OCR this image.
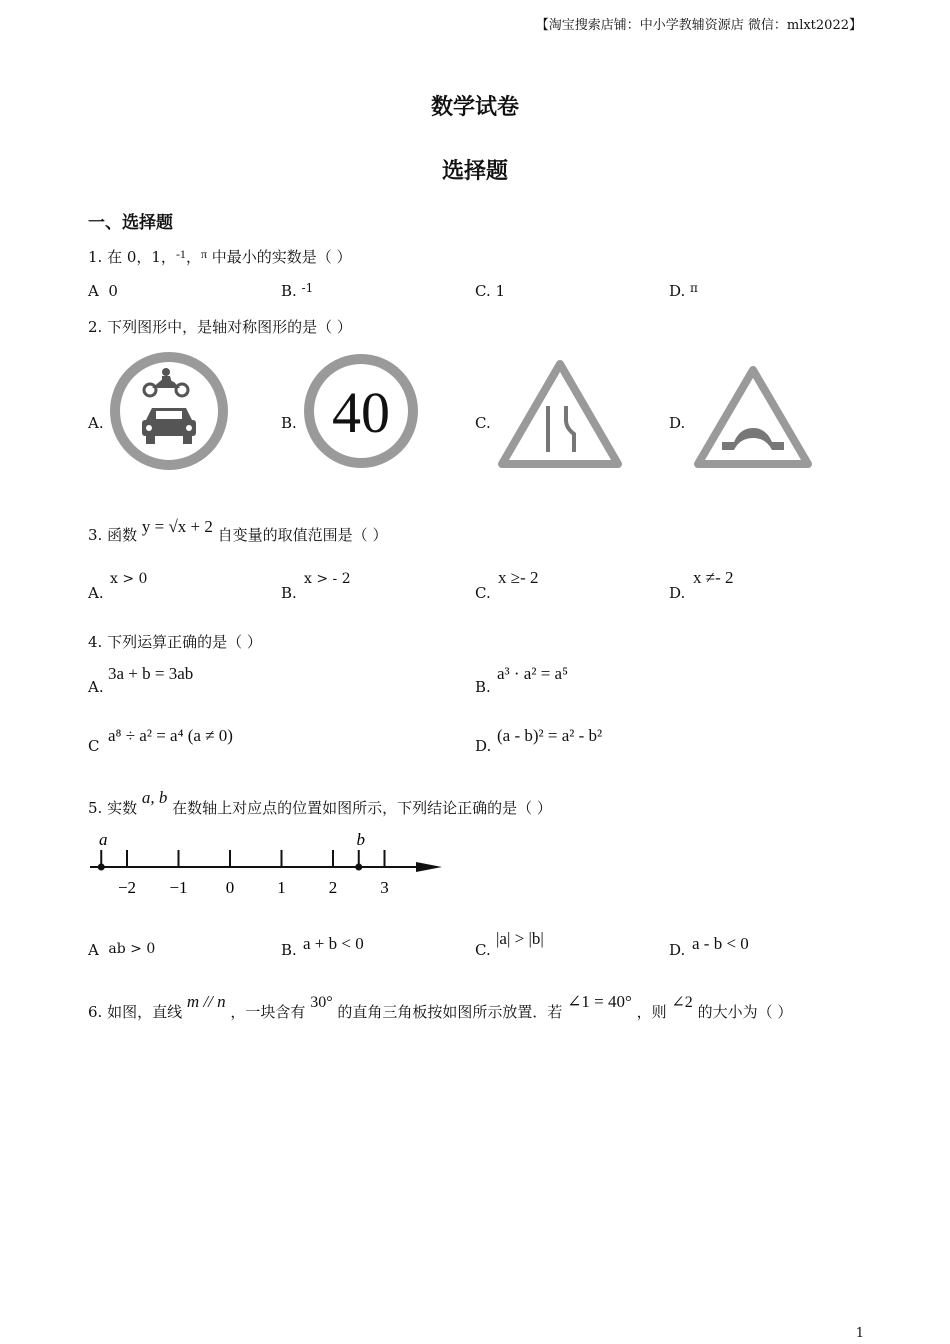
【淘宝搜索店铺：中小学教辅资源店 微信：mlxt2022】
数学试卷
选择题
一、选择题
1. 在 0，1，$^{-1}$，$^\pi$ 中最小的实数是（ ）
A 0	B. $^{-1}$	C. 1	D. $^\pi$
2. 下列图形中，是轴对称图形的是（ ）
A.	B. 40	C.	D.
3. 函数 y = √x + 2 自变量的取值范围是（ ）
A.
x > 0
B.
x > - 2
C.
x ≥- 2
D.
x ≠- 2
4. 下列运算正确的是（ ）
A.
3a + b = 3ab
B.
a³ · a² = a⁵
C
a⁸ ÷ a² = a⁴ (a ≠ 0)
D.
(a - b)² = a² - b²
5. 实数 a, b 在数轴上对应点的位置如图所示，下列结论正确的是（ ）
−2 −1 0	1	2	3
a	b
A ab > 0	B. a + b < 0	C.
|a| > |b|
D. a - b < 0
6. 如图，直线 m // n ，一块含有 30° 的直角三角板按如图所示放置．若 ∠1 = 40° ，则 ∠2 的大小为（ ）
1
